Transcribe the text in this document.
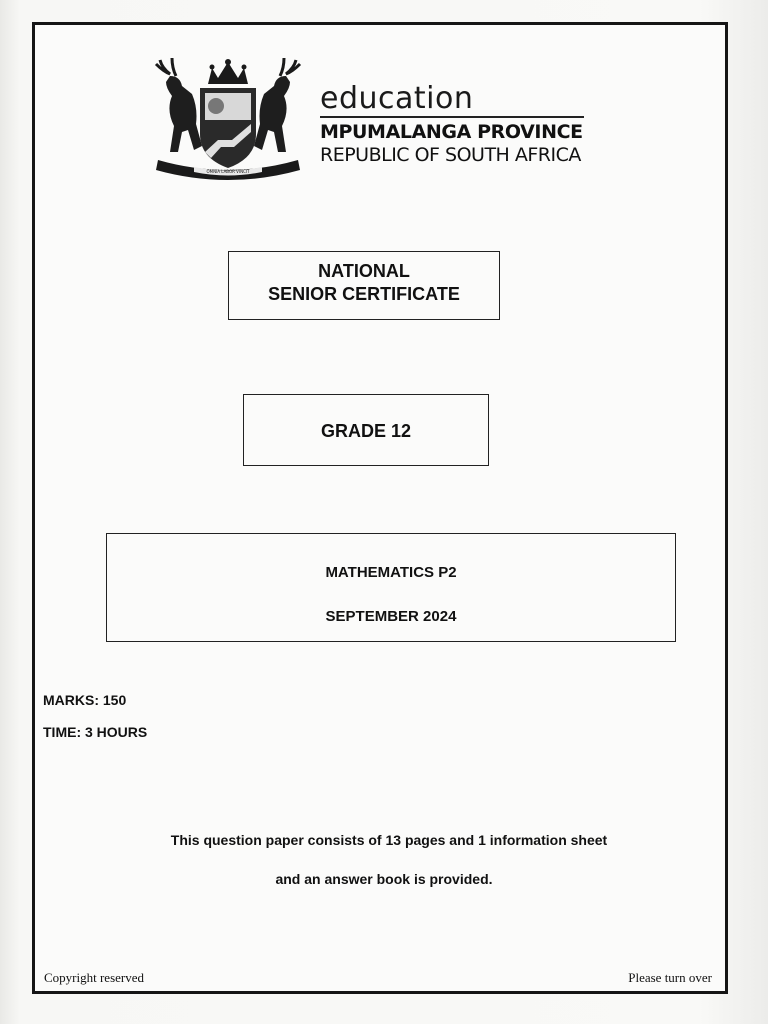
OMNIA LABOR VINCIT
education
MPUMALANGA PROVINCE
REPUBLIC OF SOUTH AFRICA
NATIONAL
SENIOR CERTIFICATE
GRADE 12
MATHEMATICS P2
SEPTEMBER 2024
MARKS: 150
TIME: 3 HOURS
This question paper consists of 13 pages and 1 information sheet
and an answer book is provided.
Copyright reserved	Please turn over
